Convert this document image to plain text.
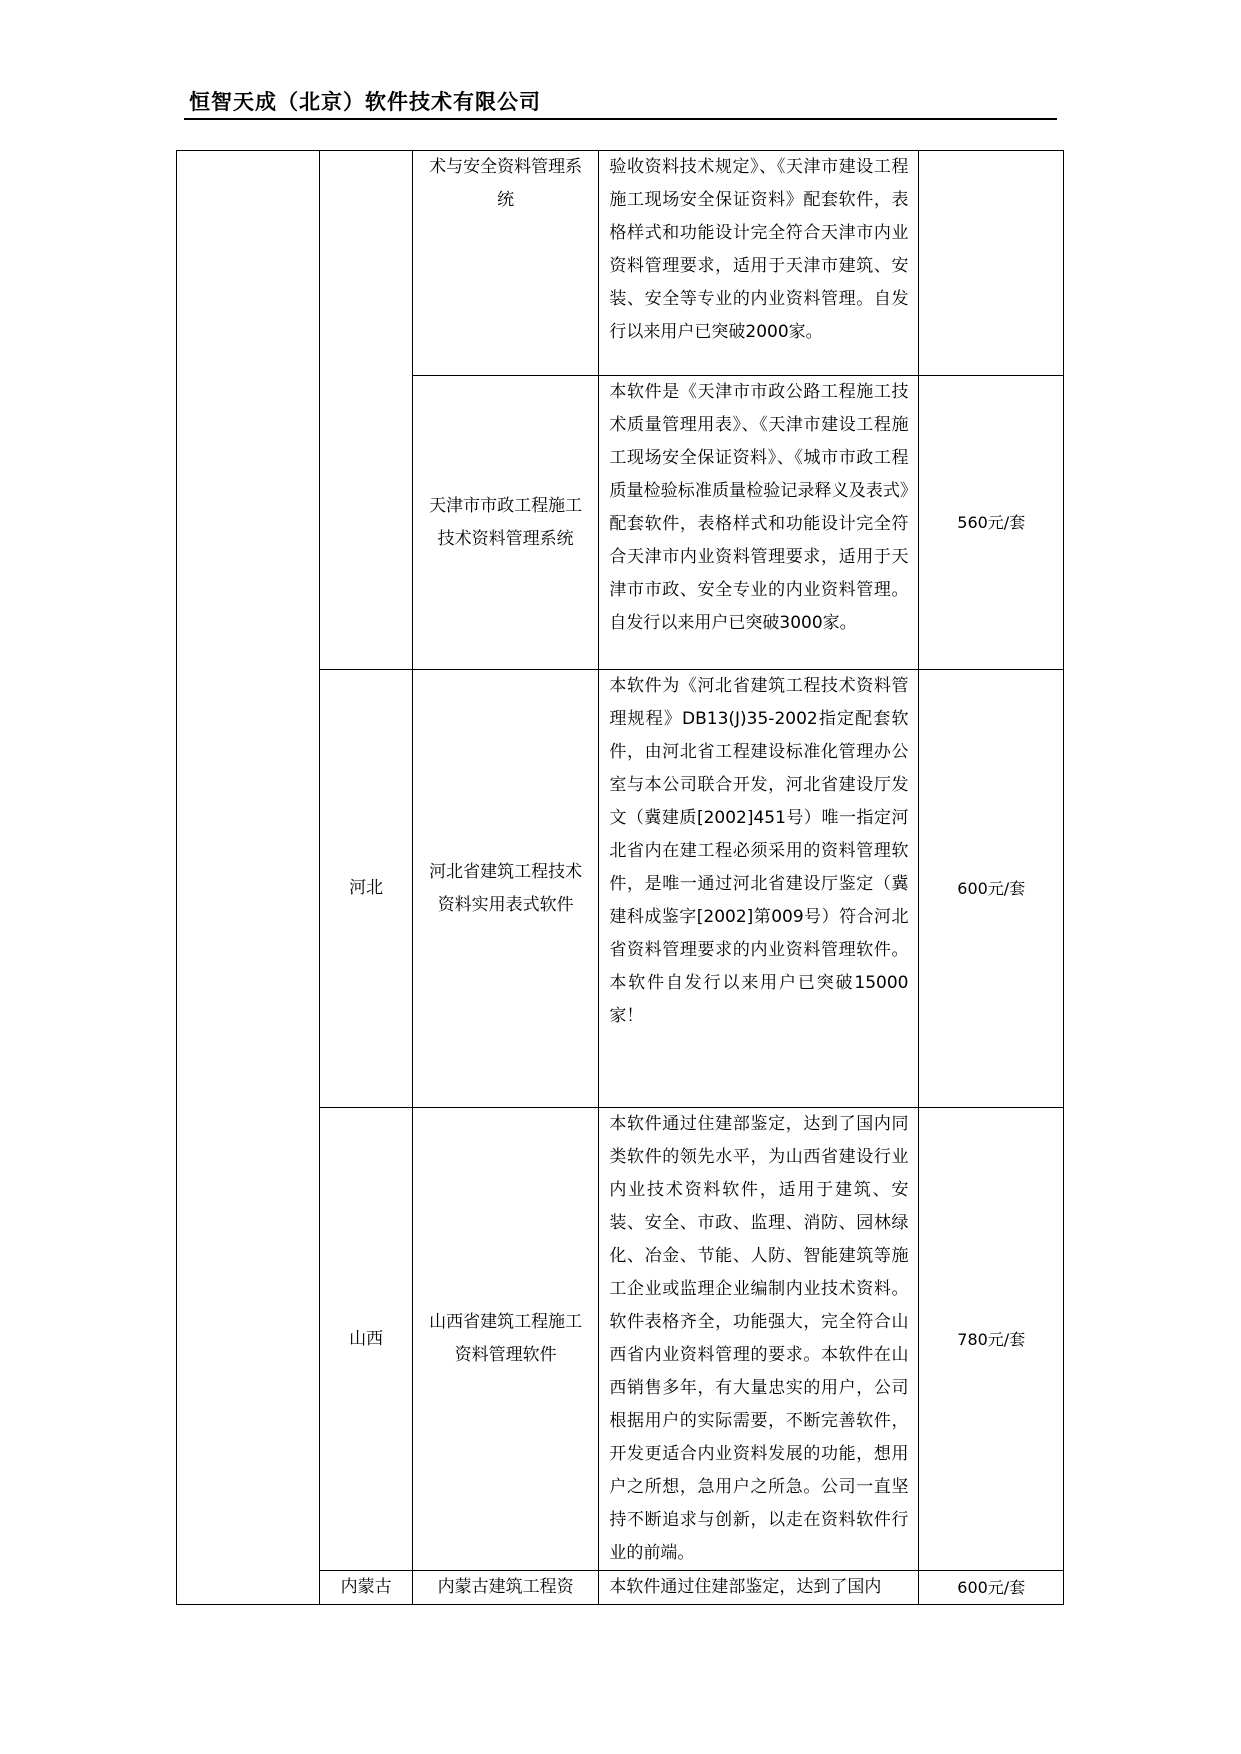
恒智天成（北京）软件技术有限公司
		术与安全资料管理系统	验收资料技术规定》、《天津市建设工程施工现场安全保证资料》配套软件，表格样式和功能设计完全符合天津市内业资料管理要求，适用于天津市建筑、安装、安全等专业的内业资料管理。自发行以来用户已突破2000家。	

		天津市市政工程施工技术资料管理系统	本软件是《天津市市政公路工程施工技术质量管理用表》、《天津市建设工程施工现场安全保证资料》、《城市市政工程质量检验标准质量检验记录释义及表式》配套软件，表格样式和功能设计完全符合天津市内业资料管理要求，适用于天津市市政、安全专业的内业资料管理。自发行以来用户已突破3000家。	560元/套
	河北	河北省建筑工程技术资料实用表式软件	本软件为《河北省建筑工程技术资料管理规程》DB13(J)35-2002指定配套软件，由河北省工程建设标准化管理办公室与本公司联合开发，河北省建设厅发文（冀建质[2002]451号）唯一指定河北省内在建工程必须采用的资料管理软件，是唯一通过河北省建设厅鉴定（冀建科成鉴字[2002]第009号）符合河北省资料管理要求的内业资料管理软件。本软件自发行以来用户已突破15000家！	600元/套
	山西	山西省建筑工程施工资料管理软件	本软件通过住建部鉴定，达到了国内同类软件的领先水平，为山西省建设行业内业技术资料软件，适用于建筑、安装、安全、市政、监理、消防、园林绿化、冶金、节能、人防、智能建筑等施工企业或监理企业编制内业技术资料。软件表格齐全，功能强大，完全符合山西省内业资料管理的要求。本软件在山西销售多年，有大量忠实的用户，公司根据用户的实际需要，不断完善软件，开发更适合内业资料发展的功能，想用户之所想，急用户之所急。公司一直坚持不断追求与创新，以走在资料软件行业的前端。	780元/套
	内蒙古	内蒙古建筑工程资	本软件通过住建部鉴定，达到了国内	600元/套
